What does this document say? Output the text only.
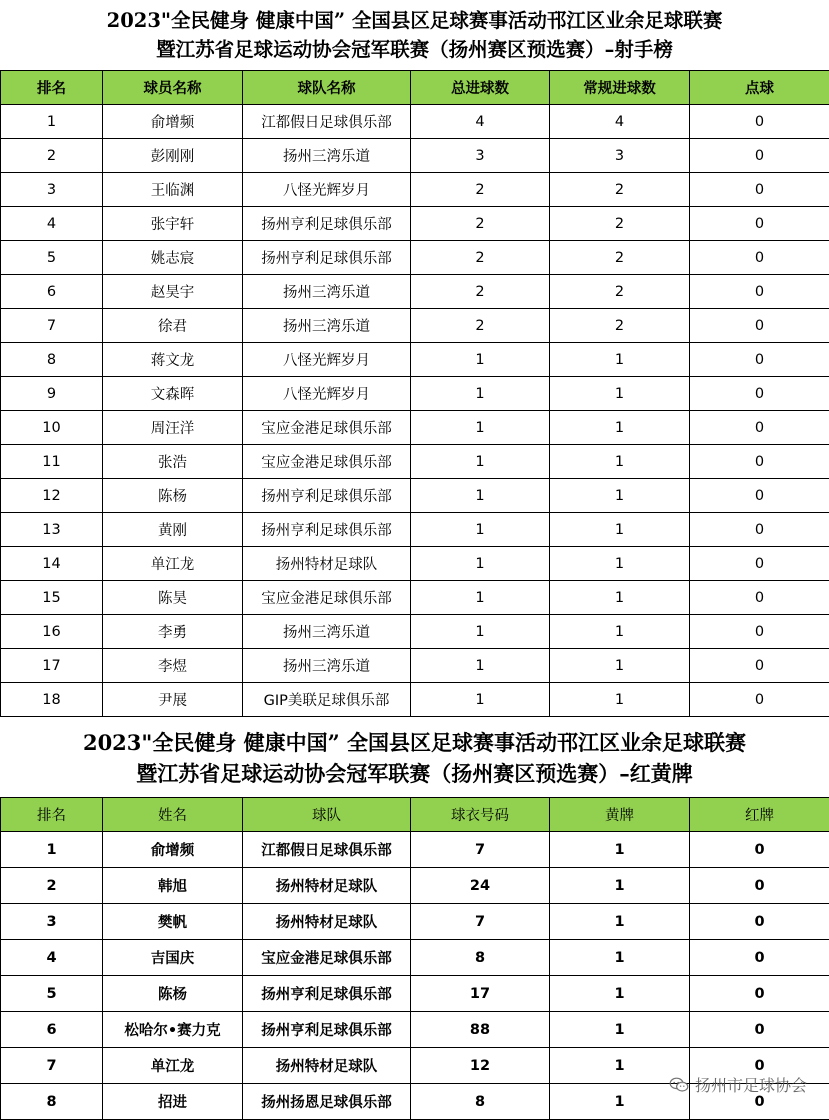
2023"全民健身 健康中国” 全国县区足球赛事活动邗江区业余足球联赛
暨江苏省足球运动协会冠军联赛（扬州赛区预选赛）–射手榜
排名	球员名称	球队名称	总进球数	常规进球数	点球
1	俞增频	江都假日足球俱乐部	4	4	0
2	彭刚刚	扬州三湾乐道	3	3	0
3	王临渊	八怪光辉岁月	2	2	0
4	张宇轩	扬州亨利足球俱乐部	2	2	0
5	姚志宸	扬州亨利足球俱乐部	2	2	0
6	赵昊宇	扬州三湾乐道	2	2	0
7	徐君	扬州三湾乐道	2	2	0
8	蒋文龙	八怪光辉岁月	1	1	0
9	文森晖	八怪光辉岁月	1	1	0
10	周汪洋	宝应金港足球俱乐部	1	1	0
11	张浩	宝应金港足球俱乐部	1	1	0
12	陈杨	扬州亨利足球俱乐部	1	1	0
13	黄刚	扬州亨利足球俱乐部	1	1	0
14	单江龙	扬州特材足球队	1	1	0
15	陈昊	宝应金港足球俱乐部	1	1	0
16	李勇	扬州三湾乐道	1	1	0
17	李煜	扬州三湾乐道	1	1	0
18	尹展	GIP美联足球俱乐部	1	1	0
2023"全民健身 健康中国” 全国县区足球赛事活动邗江区业余足球联赛
暨江苏省足球运动协会冠军联赛（扬州赛区预选赛）–红黄牌
排名	姓名	球队	球衣号码	黄牌	红牌
1	俞增频	江都假日足球俱乐部	7	1	0
2	韩旭	扬州特材足球队	24	1	0
3	樊帆	扬州特材足球队	7	1	0
4	吉国庆	宝应金港足球俱乐部	8	1	0
5	陈杨	扬州亨利足球俱乐部	17	1	0
6	松哈尔•赛力克	扬州亨利足球俱乐部	88	1	0
7	单江龙	扬州特材足球队	12	1	0
8	招进	扬州扬恩足球俱乐部	8	1	0
扬州市足球协会
